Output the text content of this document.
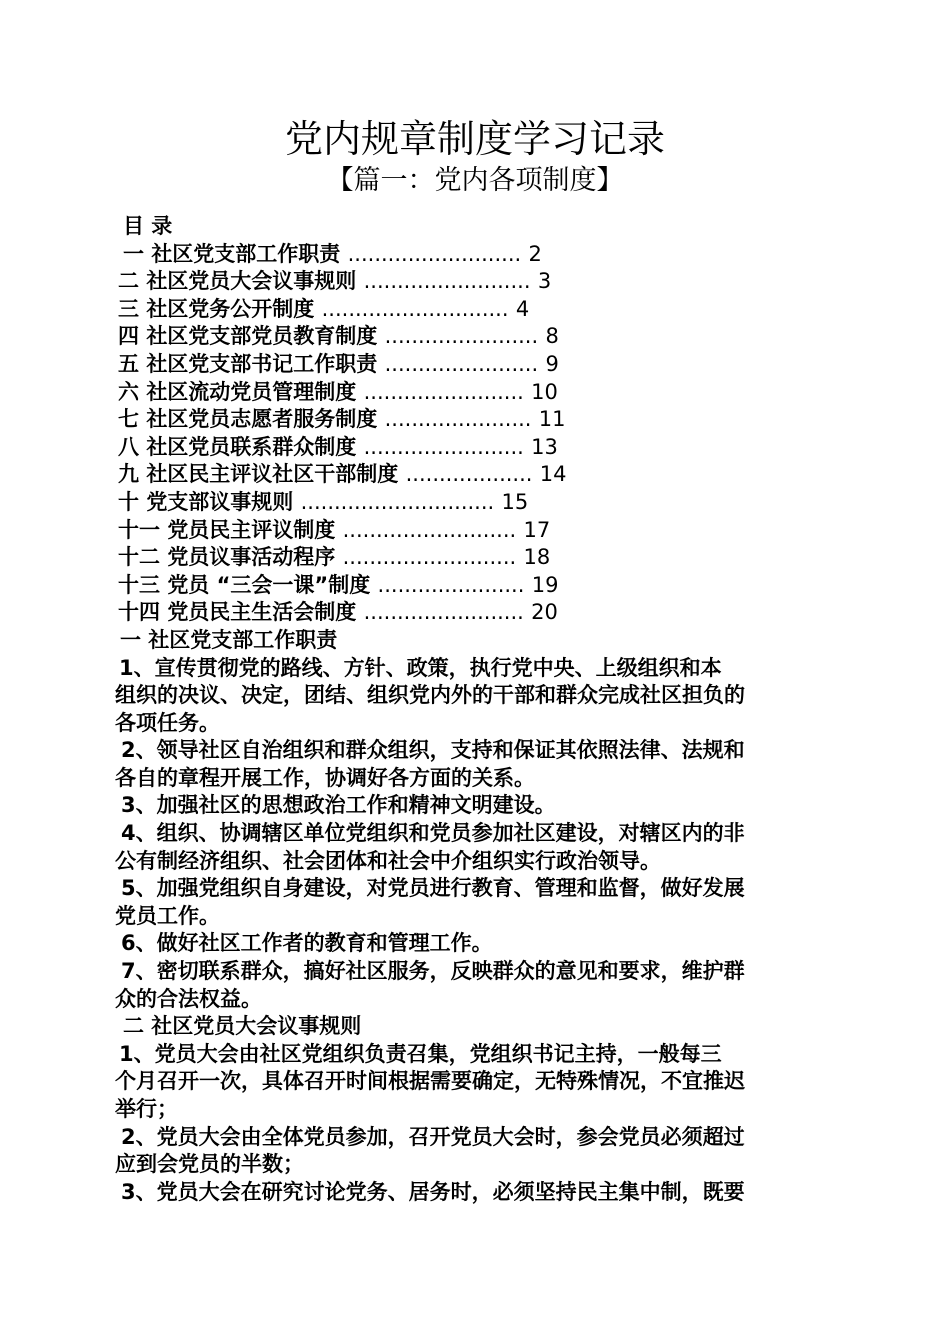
党内规章制度学习记录
【篇一：党内各项制度】
目 录
一 社区党支部工作职责 .......................... 2
二 社区党员大会议事规则 ......................... 3
三 社区党务公开制度 ............................ 4
四 社区党支部党员教育制度 ....................... 8
五 社区党支部书记工作职责 ....................... 9
六 社区流动党员管理制度 ........................ 10
七 社区党员志愿者服务制度 ...................... 11
八 社区党员联系群众制度 ........................ 13
九 社区民主评议社区干部制度 ................... 14
十 党支部议事规则 ............................. 15
十一 党员民主评议制度 .......................... 17
十二 党员议事活动程序 .......................... 18
十三 党员 “三会一课”制度 ...................... 19
十四 党员民主生活会制度 ........................ 20
一 社区党支部工作职责
1、宣传贯彻党的路线、方针、政策，执行党中央、上级组织和本
组织的决议、决定，团结、组织党内外的干部和群众完成社区担负的
各项任务。
2、领导社区自治组织和群众组织，支持和保证其依照法律、法规和
各自的章程开展工作，协调好各方面的关系。
3、加强社区的思想政治工作和精神文明建设。
4、组织、协调辖区单位党组织和党员参加社区建设，对辖区内的非
公有制经济组织、社会团体和社会中介组织实行政治领导。
5、加强党组织自身建设，对党员进行教育、管理和监督，做好发展
党员工作。
6、做好社区工作者的教育和管理工作。
7、密切联系群众，搞好社区服务，反映群众的意见和要求，维护群
众的合法权益。
二 社区党员大会议事规则
1、党员大会由社区党组织负责召集，党组织书记主持，一般每三
个月召开一次，具体召开时间根据需要确定，无特殊情况，不宜推迟
举行；
2、党员大会由全体党员参加，召开党员大会时，参会党员必须超过
应到会党员的半数；
3、党员大会在研究讨论党务、居务时，必须坚持民主集中制，既要
